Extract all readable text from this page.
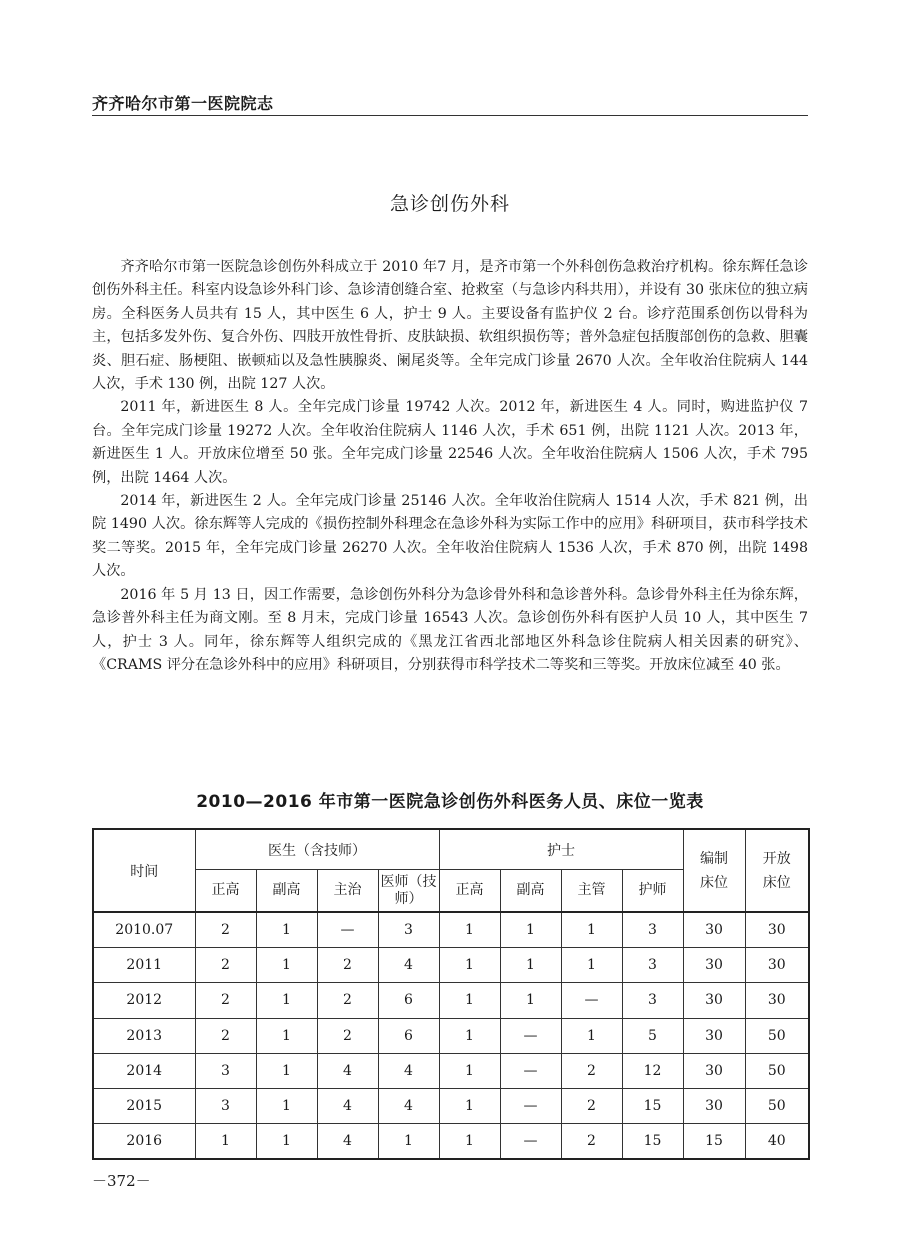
齐齐哈尔市第一医院院志
急诊创伤外科

齐齐哈尔市第一医院急诊创伤外科成立于 2010 年7 月，是齐市第一个外科创伤急救治疗机构。徐东辉任急诊创伤外科主任。科室内设急诊外科门诊、急诊清创缝合室、抢救室（与急诊内科共用），并设有 30 张床位的独立病房。全科医务人员共有 15 人，其中医生 6 人，护士 9 人。主要设备有监护仪 2 台。诊疗范围系创伤以骨科为主，包括多发外伤、复合外伤、四肢开放性骨折、皮肤缺损、软组织损伤等；普外急症包括腹部创伤的急救、胆囊炎、胆石症、肠梗阻、嵌顿疝以及急性胰腺炎、阑尾炎等。全年完成门诊量 2670 人次。全年收治住院病人 144 人次，手术 130 例，出院 127 人次。

2011 年，新进医生 8 人。全年完成门诊量 19742 人次。2012 年，新进医生 4 人。同时，购进监护仪 7 台。全年完成门诊量 19272 人次。全年收治住院病人 1146 人次，手术 651 例，出院 1121 人次。2013 年，新进医生 1 人。开放床位增至 50 张。全年完成门诊量 22546 人次。全年收治住院病人 1506 人次，手术 795 例，出院 1464 人次。

2014 年，新进医生 2 人。全年完成门诊量 25146 人次。全年收治住院病人 1514 人次，手术 821 例，出院 1490 人次。徐东辉等人完成的《损伤控制外科理念在急诊外科为实际工作中的应用》科研项目，获市科学技术奖二等奖。2015 年，全年完成门诊量 26270 人次。全年收治住院病人 1536 人次，手术 870 例，出院 1498 人次。

2016 年 5 月 13 日，因工作需要，急诊创伤外科分为急诊骨外科和急诊普外科。急诊骨外科主任为徐东辉，急诊普外科主任为商文刚。至 8 月末，完成门诊量 16543 人次。急诊创伤外科有医护人员 10 人，其中医生 7 人，护士 3 人。同年，徐东辉等人组织完成的《黑龙江省西北部地区外科急诊住院病人相关因素的研究》、《CRAMS 评分在急诊外科中的应用》科研项目，分别获得市科学技术二等奖和三等奖。开放床位减至 40 张。

2010—2016 年市第一医院急诊创伤外科医务人员、床位一览表
时间	医生（含技师）				护士				编制床位	开放床位
	正高	副高	主治	医师（技师）	正高	副高	主管	护师		
2010.07	2	1	—	3	1	1	1	3	30	30
2011	2	1	2	4	1	1	1	3	30	30
2012	2	1	2	6	1	1	—	3	30	30
2013	2	1	2	6	1	—	1	5	30	50
2014	3	1	4	4	1	—	2	12	30	50
2015	3	1	4	4	1	—	2	15	30	50
2016	1	1	4	1	1	—	2	15	15	40
－372－
